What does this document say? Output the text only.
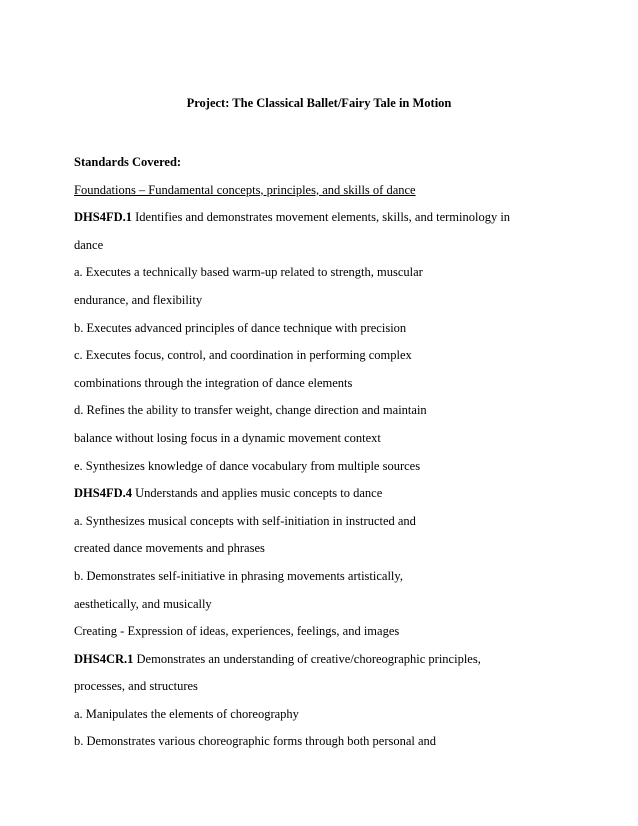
Project: The Classical Ballet/Fairy Tale in Motion
Standards Covered:
Foundations – Fundamental concepts, principles, and skills of dance
DHS4FD.1 Identifies and demonstrates movement elements, skills, and terminology in
dance
a. Executes a technically based warm-up related to strength, muscular
endurance, and flexibility
b. Executes advanced principles of dance technique with precision
c. Executes focus, control, and coordination in performing complex
combinations through the integration of dance elements
d. Refines the ability to transfer weight, change direction and maintain
balance without losing focus in a dynamic movement context
e. Synthesizes knowledge of dance vocabulary from multiple sources
DHS4FD.4 Understands and applies music concepts to dance
a. Synthesizes musical concepts with self-initiation in instructed and
created dance movements and phrases
b. Demonstrates self-initiative in phrasing movements artistically,
aesthetically, and musically
Creating - Expression of ideas, experiences, feelings, and images
DHS4CR.1 Demonstrates an understanding of creative/choreographic principles,
processes, and structures
a. Manipulates the elements of choreography
b. Demonstrates various choreographic forms through both personal and
